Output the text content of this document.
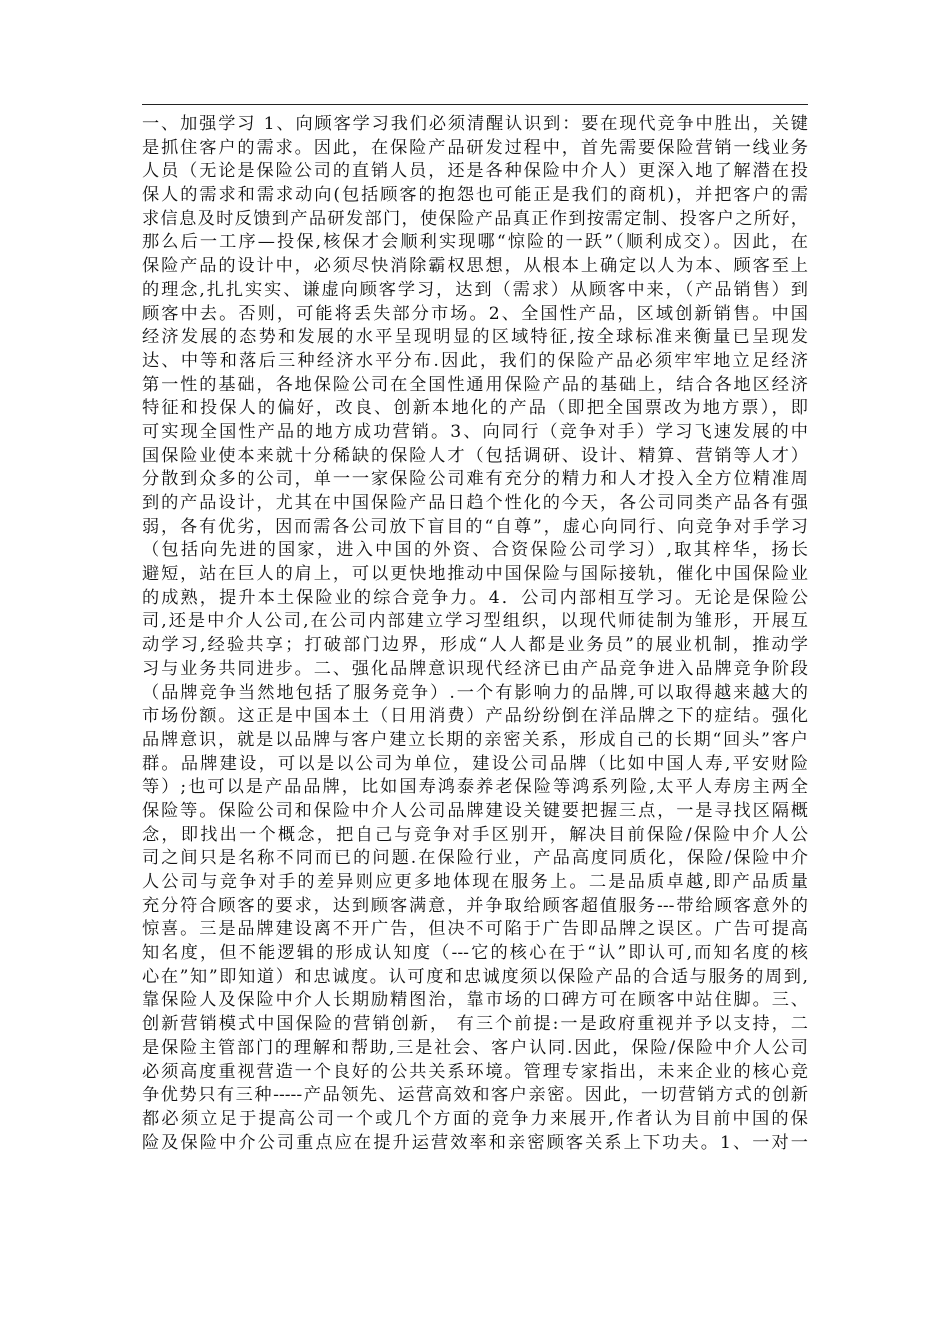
一、加强学习 1、向顾客学习我们必须清醒认识到：要在现代竞争中胜出，关键
是抓住客户的需求。因此，在保险产品研发过程中，首先需要保险营销一线业务
人员（无论是保险公司的直销人员，还是各种保险中介人）更深入地了解潜在投
保人的需求和需求动向(包括顾客的抱怨也可能正是我们的商机)，并把客户的需
求信息及时反馈到产品研发部门，使保险产品真正作到按需定制、投客户之所好，
那么后一工序—投保,核保才会顺利实现哪“惊险的一跃”（顺利成交）。因此，在
保险产品的设计中，必须尽快消除霸权思想，从根本上确定以人为本、顾客至上
的理念,扎扎实实、谦虚向顾客学习，达到（需求）从顾客中来，（产品销售）到
顾客中去。否则，可能将丢失部分市场。2、全国性产品，区域创新销售。中国
经济发展的态势和发展的水平呈现明显的区域特征,按全球标准来衡量已呈现发
达、中等和落后三种经济水平分布.因此，我们的保险产品必须牢牢地立足经济
第一性的基础，各地保险公司在全国性通用保险产品的基础上，结合各地区经济
特征和投保人的偏好，改良、创新本地化的产品（即把全国票改为地方票），即
可实现全国性产品的地方成功营销。3、向同行（竞争对手）学习飞速发展的中
国保险业使本来就十分稀缺的保险人才（包括调研、设计、精算、营销等人才）
分散到众多的公司，单一一家保险公司难有充分的精力和人才投入全方位精准周
到的产品设计，尤其在中国保险产品日趋个性化的今天，各公司同类产品各有强
弱，各有优劣，因而需各公司放下盲目的“自尊”，虚心向同行、向竞争对手学习
（包括向先进的国家，进入中国的外资、合资保险公司学习）,取其梓华，扬长
避短，站在巨人的肩上，可以更快地推动中国保险与国际接轨，催化中国保险业
的成熟，提升本土保险业的综合竞争力。4．公司内部相互学习。无论是保险公
司,还是中介人公司,在公司内部建立学习型组织，以现代师徒制为雏形，开展互
动学习,经验共享；打破部门边界，形成“人人都是业务员”的展业机制，推动学
习与业务共同进步。二、强化品牌意识现代经济已由产品竞争进入品牌竞争阶段
（品牌竞争当然地包括了服务竞争）.一个有影响力的品牌,可以取得越来越大的
市场份额。这正是中国本土（日用消费）产品纷纷倒在洋品牌之下的症结。强化
品牌意识，就是以品牌与客户建立长期的亲密关系，形成自己的长期“回头”客户
群。品牌建设，可以是以公司为单位，建设公司品牌（比如中国人寿,平安财险
等）;也可以是产品品牌，比如国寿鸿泰养老保险等鸿系列险,太平人寿房主两全
保险等。保险公司和保险中介人公司品牌建设关键要把握三点，一是寻找区隔概
念，即找出一个概念，把自己与竞争对手区别开，解决目前保险/保险中介人公
司之间只是名称不同而已的问题.在保险行业，产品高度同质化，保险/保险中介
人公司与竞争对手的差异则应更多地体现在服务上。二是品质卓越,即产品质量
充分符合顾客的要求，达到顾客满意，并争取给顾客超值服务---带给顾客意外的
惊喜。三是品牌建设离不开广告，但决不可陷于广告即品牌之误区。广告可提高
知名度，但不能逻辑的形成认知度（---它的核心在于“认”即认可,而知名度的核
心在”知”即知道）和忠诚度。认可度和忠诚度须以保险产品的合适与服务的周到,
靠保险人及保险中介人长期励精图治，靠市场的口碑方可在顾客中站住脚。三、
创新营销模式中国保险的营销创新， 有三个前提:一是政府重视并予以支持，二
是保险主管部门的理解和帮助,三是社会、客户认同.因此，保险/保险中介人公司
必须高度重视营造一个良好的公共关系环境。管理专家指出，未来企业的核心竞
争优势只有三种-----产品领先、运营高效和客户亲密。因此，一切营销方式的创新
都必须立足于提高公司一个或几个方面的竞争力来展开,作者认为目前中国的保
险及保险中介公司重点应在提升运营效率和亲密顾客关系上下功夫。1、一对一
